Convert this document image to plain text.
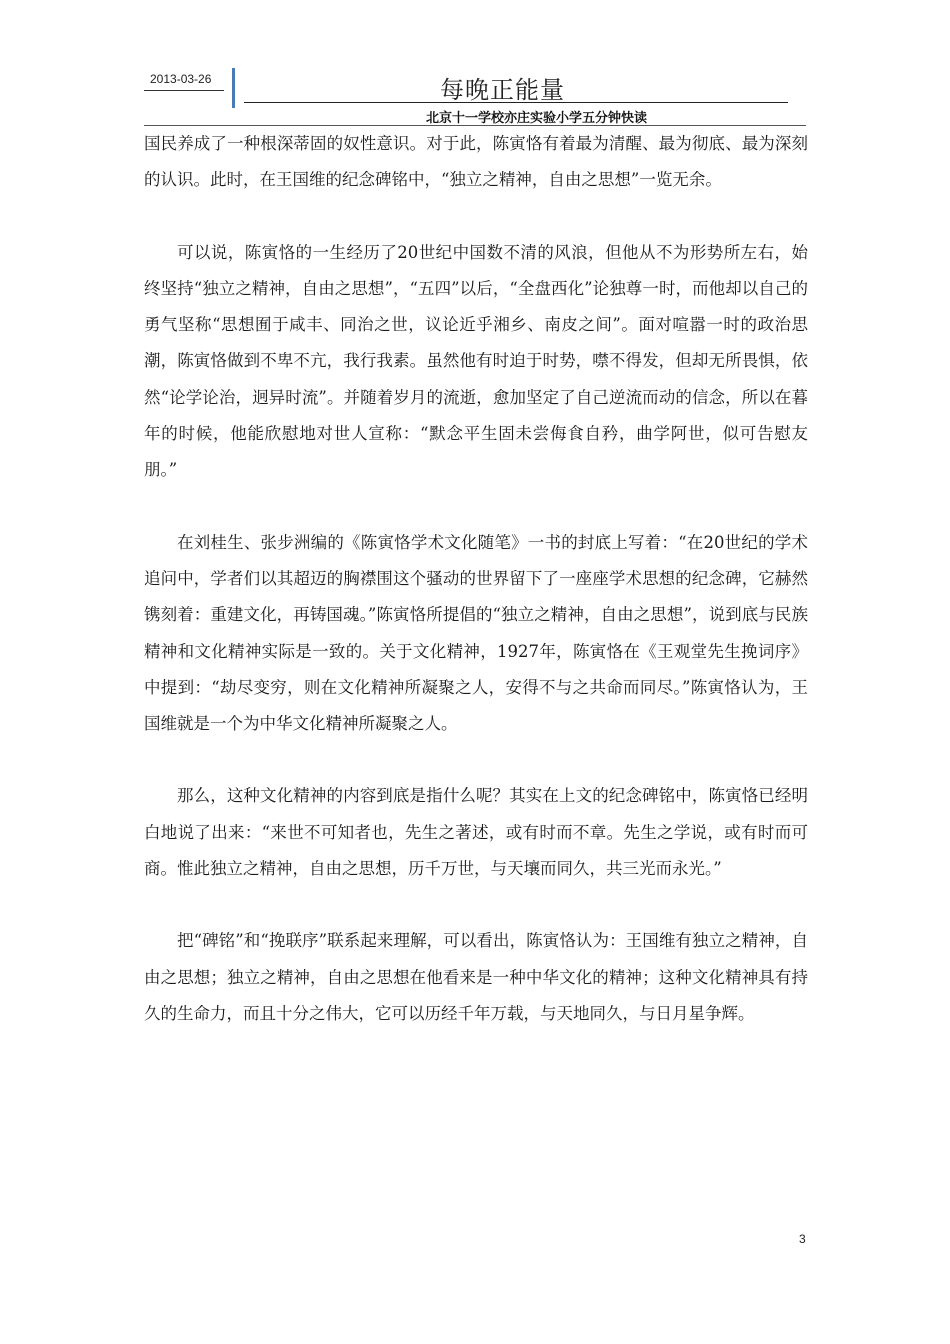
2013-03-26	每晚正能量
北京十一学校亦庄实验小学五分钟快读

国民养成了一种根深蒂固的奴性意识。对于此，陈寅恪有着最为清醒、最为彻底、最为深刻的认识。此时，在王国维的纪念碑铭中，“独立之精神，自由之思想”一览无余。

可以说，陈寅恪的一生经历了20世纪中国数不清的风浪，但他从不为形势所左右，始终坚持“独立之精神，自由之思想”，“五四”以后，“全盘西化”论独尊一时，而他却以自己的勇气坚称“思想囿于咸丰、同治之世，议论近乎湘乡、南皮之间”。面对喧嚣一时的政治思潮，陈寅恪做到不卑不亢，我行我素。虽然他有时迫于时势，噤不得发，但却无所畏惧，依然“论学论治，迥异时流”。并随着岁月的流逝，愈加坚定了自己逆流而动的信念，所以在暮年的时候，他能欣慰地对世人宣称：“默念平生固未尝侮食自矜，曲学阿世，似可告慰友朋。”

在刘桂生、张步洲编的《陈寅恪学术文化随笔》一书的封底上写着：“在20世纪的学术追问中，学者们以其超迈的胸襟围这个骚动的世界留下了一座座学术思想的纪念碑，它赫然镌刻着：重建文化，再铸国魂。”陈寅恪所提倡的“独立之精神，自由之思想”，说到底与民族精神和文化精神实际是一致的。关于文化精神，1927年，陈寅恪在《王观堂先生挽词序》中提到：“劫尽变穷，则在文化精神所凝聚之人，安得不与之共命而同尽。”陈寅恪认为，王国维就是一个为中华文化精神所凝聚之人。

那么，这种文化精神的内容到底是指什么呢？其实在上文的纪念碑铭中，陈寅恪已经明白地说了出来：“来世不可知者也，先生之著述，或有时而不章。先生之学说，或有时而可商。惟此独立之精神，自由之思想，历千万世，与天壤而同久，共三光而永光。”

把“碑铭”和“挽联序”联系起来理解，可以看出，陈寅恪认为：王国维有独立之精神，自由之思想；独立之精神，自由之思想在他看来是一种中华文化的精神；这种文化精神具有持久的生命力，而且十分之伟大，它可以历经千年万载，与天地同久，与日月星争辉。

3
